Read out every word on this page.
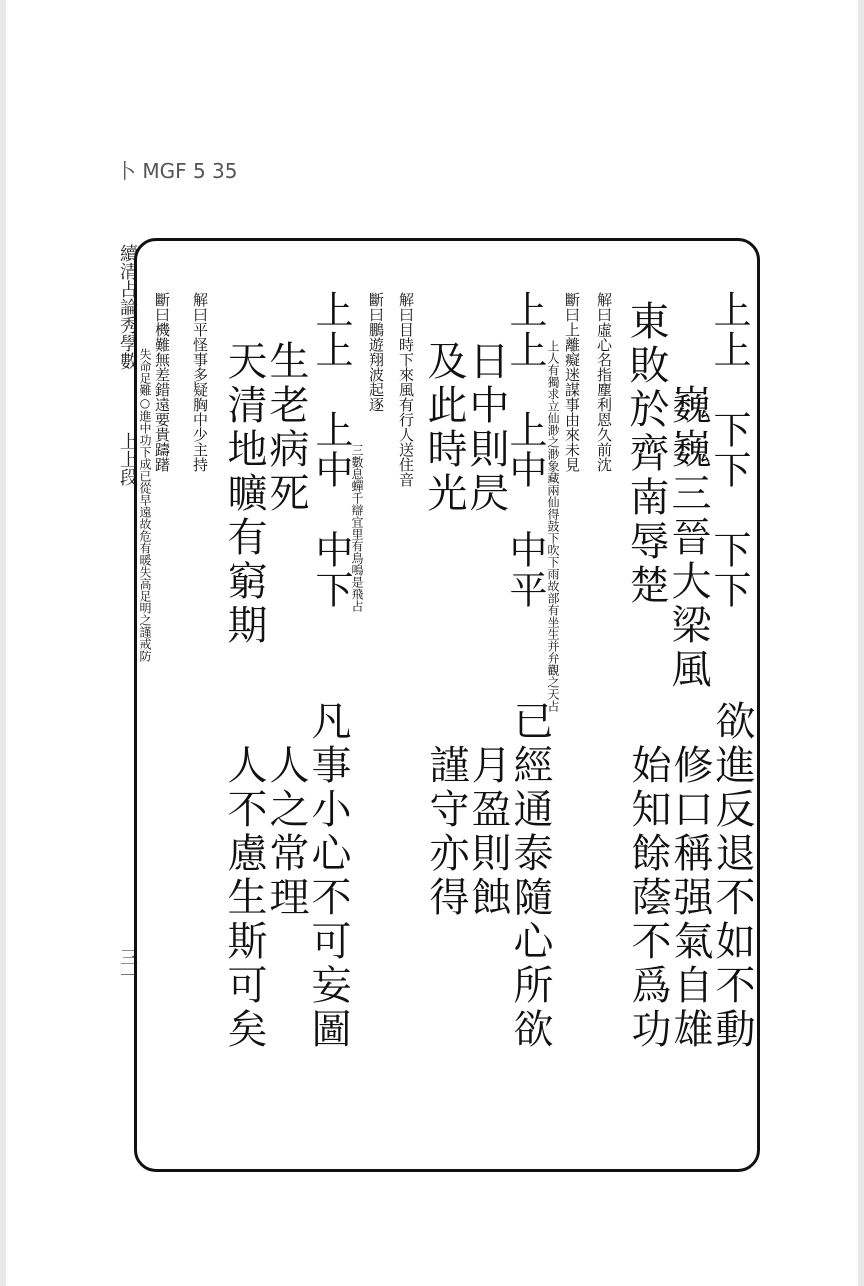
卜 MGF 5 35
續清占論秀學數
上上段
三一
上上　下下　下下
巍巍三晉大梁風
東敗於齊南辱楚
解曰虛心名指塵利恩久前沈
斷曰上離癡迷謀事由來未見
上人有獨求立仙渺之渺象藏兩仙得鼓下吹下雨故部有坐生并弁觀之天占
上上　上中　中平
日中則昃
及此時光
解曰目時下來風有行人送住音
斷曰鵬遊翔波起逐
三數息蟬千辯宜里有鳥鳴是飛占
上上　上中　中下
生老病死
天清地曠有窮期
解曰平怪事多疑胸中少主持
斷曰機難無差錯遠要貴躊躇
失命足難○進中功下成已從早遠故危有暖失高足明之謹戒防
欲進反退不如不動
修口稱强氣自雄
始知餘蔭不爲功
已經通泰隨心所欲
月盈則蝕
謹守亦得
凡事小心不可妄圖
人之常理
人不慮生斯可矣
